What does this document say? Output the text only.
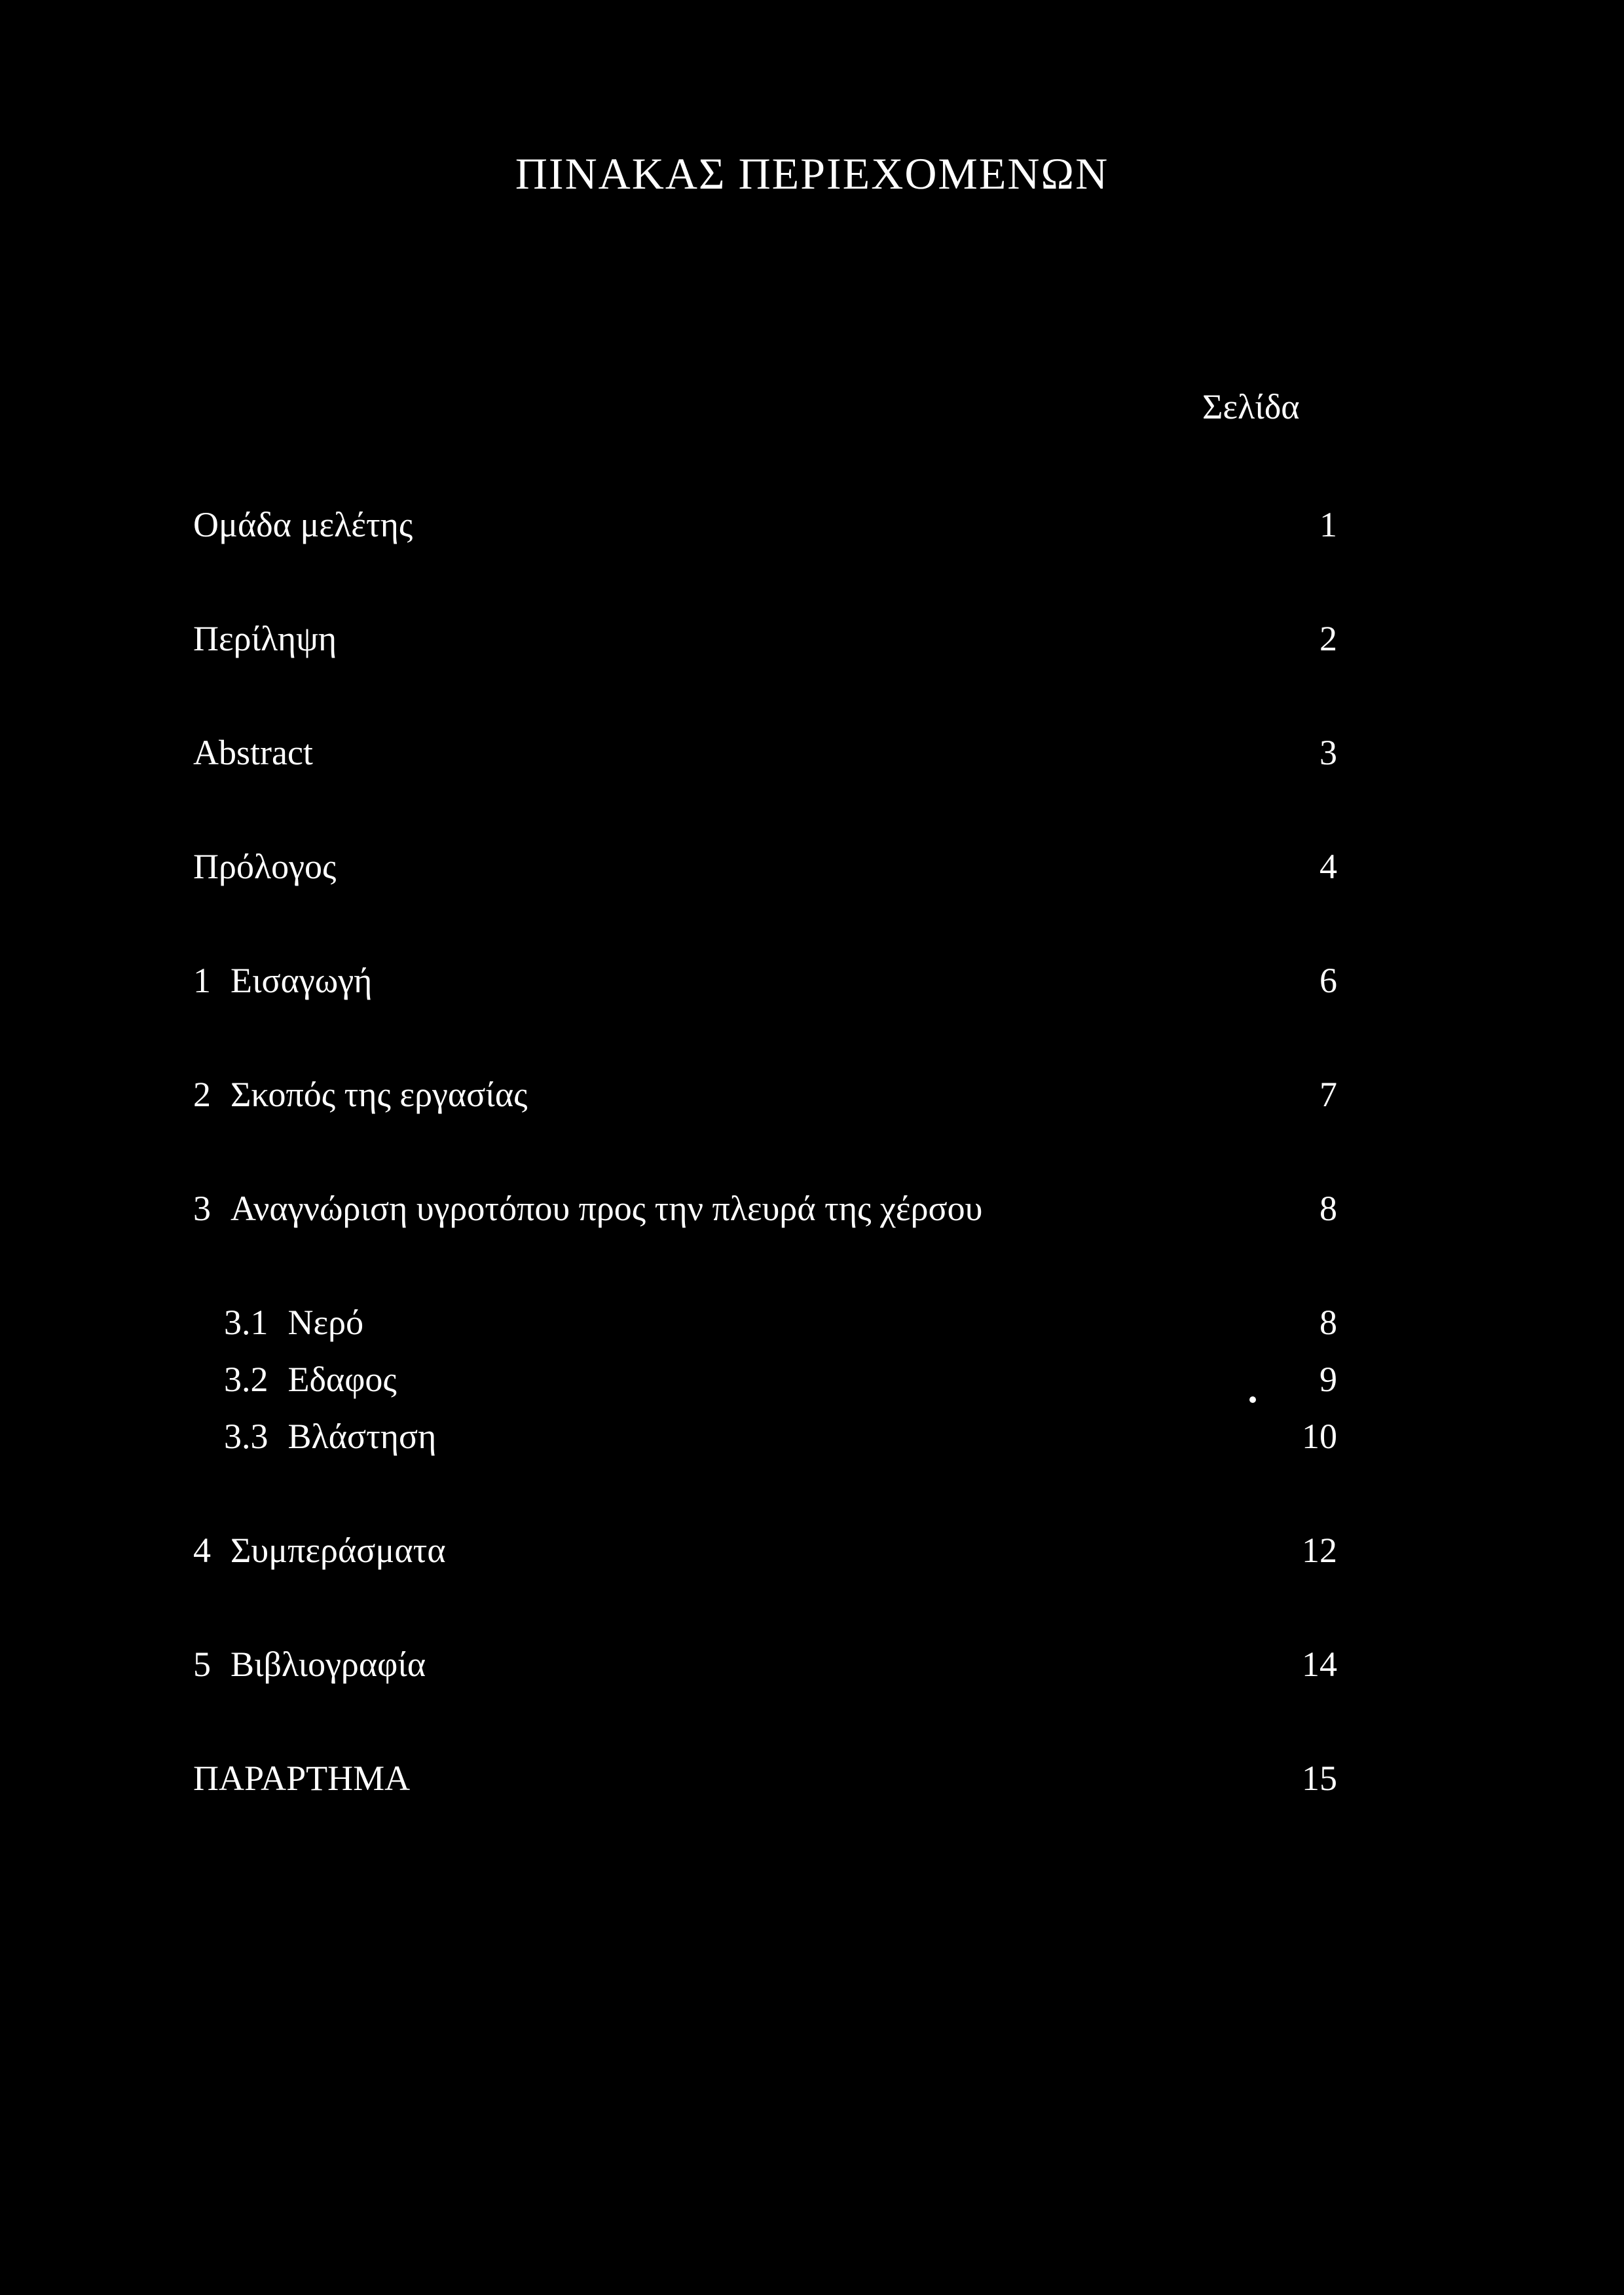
ΠΙΝΑΚΑΣ ΠΕΡΙΕΧΟΜΕΝΩΝ
Σελίδα
Ομάδα μελέτης	1
Περίληψη	2
Abstract	3
Πρόλογος	4
1 Εισαγωγή	6
2 Σκοπός της εργασίας	7
3 Αναγνώριση υγροτόπου προς την πλευρά της χέρσου	8
3.1 Νερό	8
3.2 Εδαφος	9
3.3 Βλάστηση	10
4 Συμπεράσματα	12
5 Βιβλιογραφία	14
ΠΑΡΑΡΤΗΜΑ	15
